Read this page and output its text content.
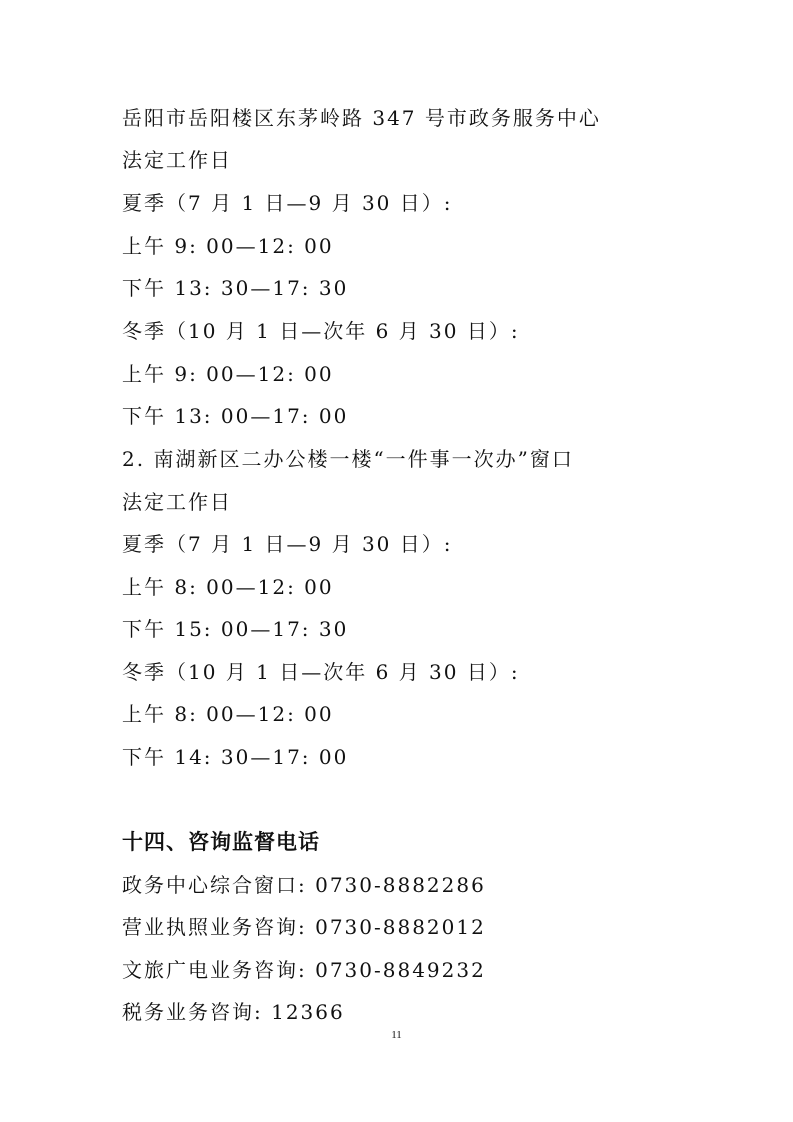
岳阳市岳阳楼区东茅岭路 347 号市政务服务中心
法定工作日
夏季（7 月 1 日—9 月 30 日）:
上午 9: 00—12: 00
下午 13: 30—17: 30
冬季（10 月 1 日—次年 6 月 30 日）:
上午 9: 00—12: 00
下午 13: 00—17: 00
2. 南湖新区二办公楼一楼“一件事一次办”窗口
法定工作日
夏季（7 月 1 日—9 月 30 日）:
上午 8: 00—12: 00
下午 15: 00—17: 30
冬季（10 月 1 日—次年 6 月 30 日）:
上午 8: 00—12: 00
下午 14: 30—17: 00
十四、咨询监督电话
政务中心综合窗口: 0730-8882286
营业执照业务咨询: 0730-8882012
文旅广电业务咨询: 0730-8849232
税务业务咨询: 12366
11
